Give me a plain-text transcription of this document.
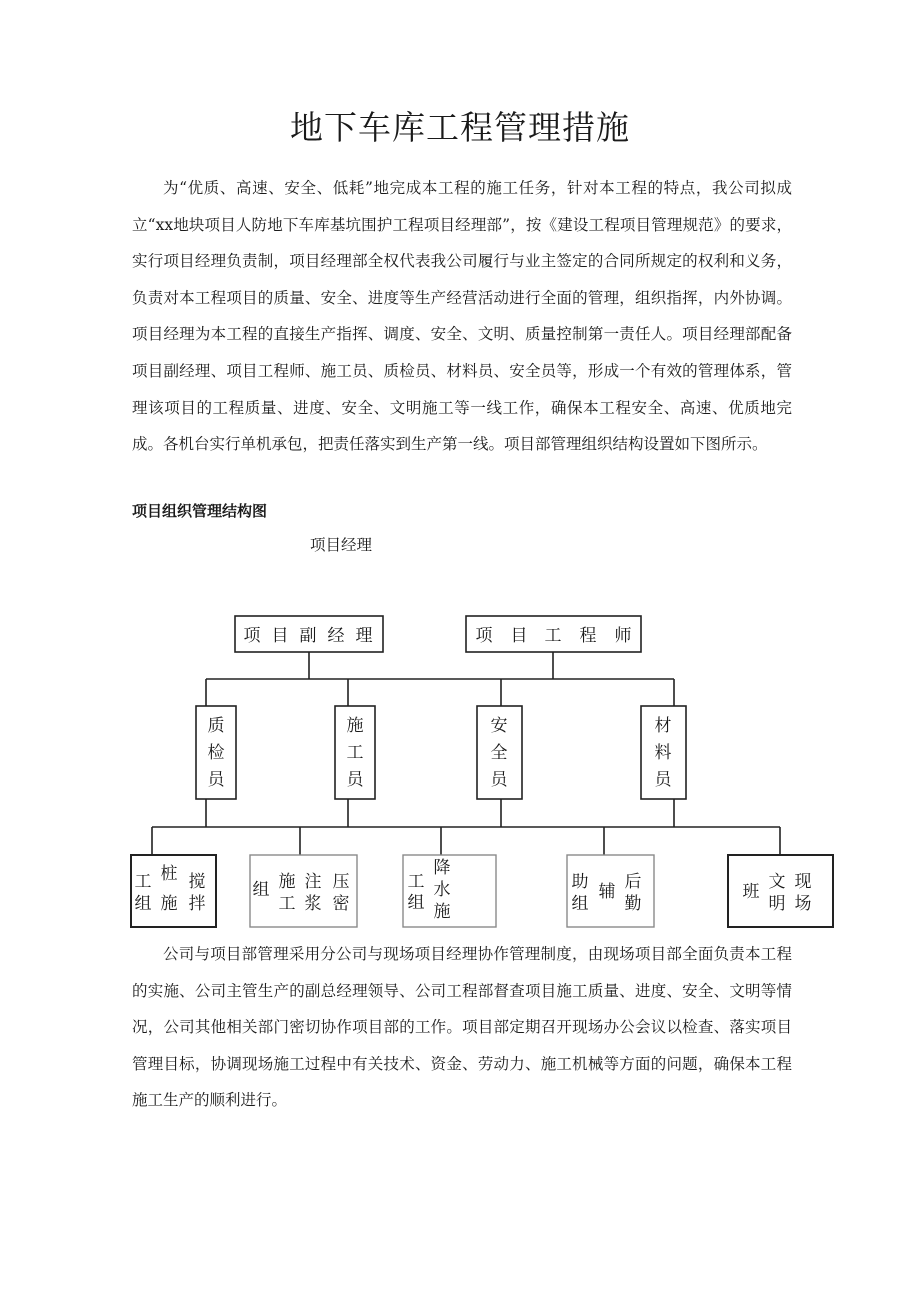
地下车库工程管理措施

为“优质、高速、安全、低耗”地完成本工程的施工任务，针对本工程的特点，我公司拟成立“xx地块项目人防地下车库基坑围护工程项目经理部”，按《建设工程项目管理规范》的要求，实行项目经理负责制，项目经理部全权代表我公司履行与业主签定的合同所规定的权利和义务，负责对本工程项目的质量、安全、进度等生产经营活动进行全面的管理，组织指挥，内外协调。项目经理为本工程的直接生产指挥、调度、安全、文明、质量控制第一责任人。项目经理部配备项目副经理、项目工程师、施工员、质检员、材料员、安全员等，形成一个有效的管理体系，管理该项目的工程质量、进度、安全、文明施工等一线工作，确保本工程安全、高速、优质地完成。各机台实行单机承包，把责任落实到生产第一线。项目部管理组织结构设置如下图所示。

项目组织管理结构图
项目经理
项 目 副 经 理	项 目 工 程 师
质
检
员
施
工
员
安
全
员
材
料
员
工
组
桩
施
搅
拌
组 施
工
注
浆
压
密
工
组
降
水
施
助
组
辅 后
勤
班 文
明
现
场

公司与项目部管理采用分公司与现场项目经理协作管理制度，由现场项目部全面负责本工程的实施、公司主管生产的副总经理领导、公司工程部督查项目施工质量、进度、安全、文明等情况，公司其他相关部门密切协作项目部的工作。项目部定期召开现场办公会议以检查、落实项目管理目标，协调现场施工过程中有关技术、资金、劳动力、施工机械等方面的问题，确保本工程施工生产的顺利进行。
